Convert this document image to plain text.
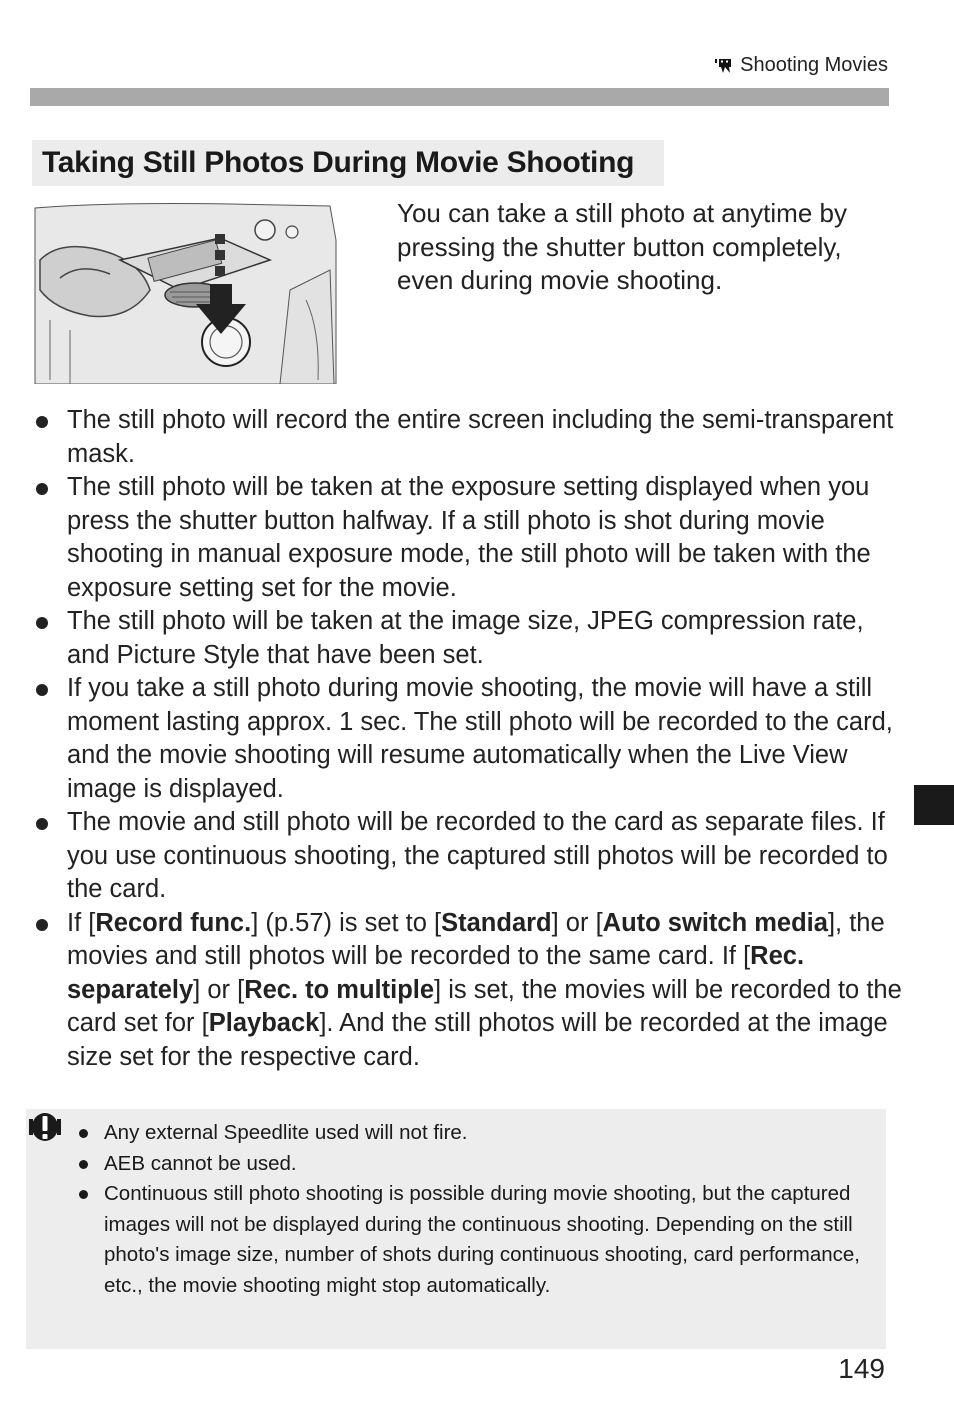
Shooting Movies
Taking Still Photos During Movie Shooting
You can take a still photo at anytime by pressing the shutter button completely, even during movie shooting.
The still photo will record the entire screen including the semi-transparent mask.
The still photo will be taken at the exposure setting displayed when you press the shutter button halfway. If a still photo is shot during movie shooting in manual exposure mode, the still photo will be taken with the exposure setting set for the movie.
The still photo will be taken at the image size, JPEG compression rate, and Picture Style that have been set.
If you take a still photo during movie shooting, the movie will have a still moment lasting approx. 1 sec. The still photo will be recorded to the card, and the movie shooting will resume automatically when the Live View image is displayed.
The movie and still photo will be recorded to the card as separate files. If you use continuous shooting, the captured still photos will be recorded to the card.
If [Record func.] (p.57) is set to [Standard] or [Auto switch media], the movies and still photos will be recorded to the same card. If [Rec. separately] or [Rec. to multiple] is set, the movies will be recorded to the card set for [Playback]. And the still photos will be recorded at the image size set for the respective card.
Any external Speedlite used will not fire.
AEB cannot be used.
Continuous still photo shooting is possible during movie shooting, but the captured images will not be displayed during the continuous shooting. Depending on the still photo's image size, number of shots during continuous shooting, card performance, etc., the movie shooting might stop automatically.
149
